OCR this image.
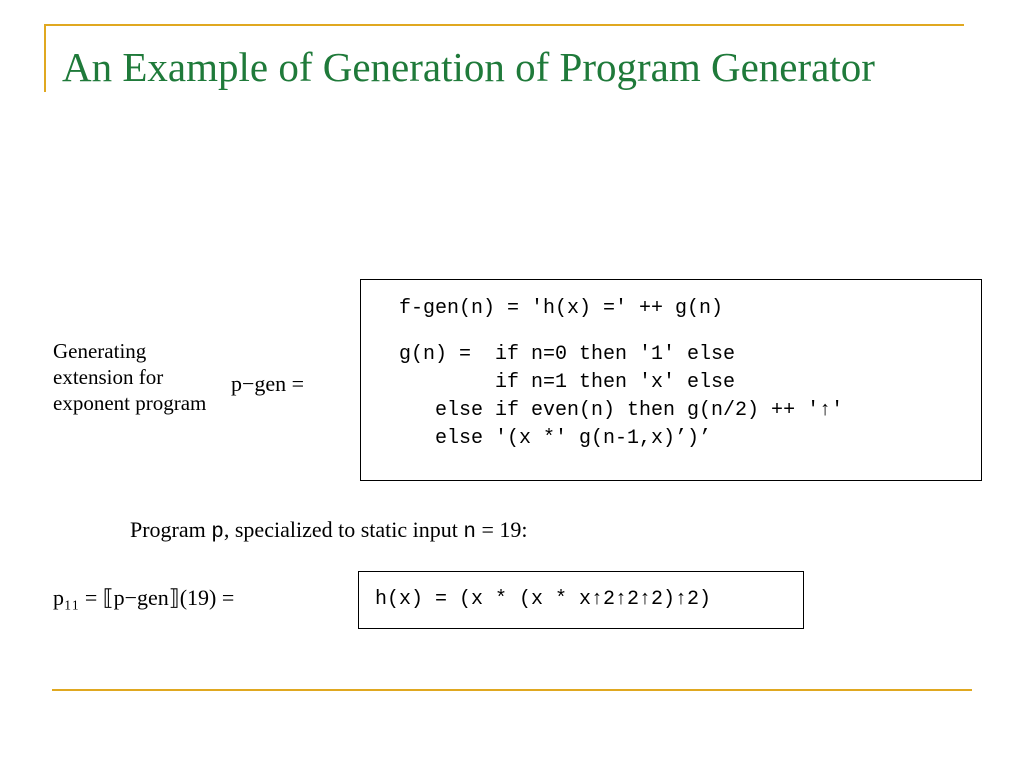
An Example of Generation of Program Generator
Generating extension for exponent program
p−gen =
f-gen(n) = ′h(x) =′ ++ g(n)
g(n) =  if n=0 then ′1′ else
if n=1 then ′x′ else
else if even(n) then g(n/2) ++ ′↑′
else ′(x *′ g(n-1,x)’)’
Program p, specialized to static input n = 19:
p₁₁ = ⟦p−gen⟧(19) =	h(x) = (x * (x * x↑2↑2↑2)↑2)
